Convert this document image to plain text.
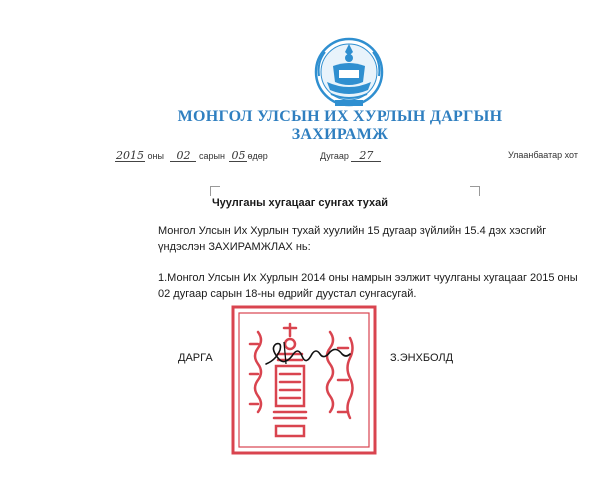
МОНГОЛ УЛСЫН ИХ ХУРЛЫН ДАРГЫН
ЗАХИРАМЖ
2015 оны 02 сарын 05 өдөр	Дугаар 27	Улаанбаатар хот
Чуулганы хугацааг сунгах тухай
Монгол Улсын Их Хурлын тухай хуулийн 15 дугаар зүйлийн 15.4 дэх хэсгийг үндэслэн ЗАХИРАМЖЛАХ нь:
1.Монгол Улсын Их Хурлын 2014 оны намрын ээлжит чуулганы хугацааг 2015 оны 02 дугаар сарын 18-ны өдрийг дуустал сунгасугай.
ДАРГА	З.ЭНХБОЛД
